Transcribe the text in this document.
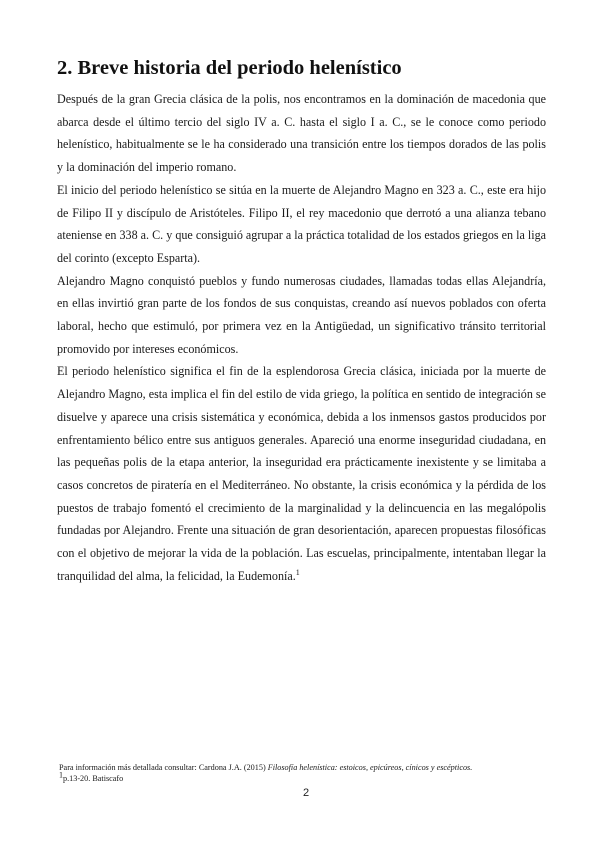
2. Breve historia del periodo helenístico

Después de la gran Grecia clásica de la polis, nos encontramos en la dominación de macedonia que abarca desde el último tercio del siglo IV a. C. hasta el siglo I a. C., se le conoce como periodo helenístico, habitualmente se le ha considerado una transición entre los tiempos dorados de las polis y la dominación del imperio romano.

El inicio del periodo helenístico se sitúa en la muerte de Alejandro Magno en 323 a. C., este era hijo de Filipo II y discípulo de Aristóteles. Filipo II, el rey macedonio que derrotó a una alianza tebano ateniense en 338 a. C. y que consiguió agrupar a la práctica totalidad de los estados griegos en la liga del corinto (excepto Esparta).

Alejandro Magno conquistó pueblos y fundo numerosas ciudades, llamadas todas ellas Alejandría, en ellas invirtió gran parte de los fondos de sus conquistas, creando así nuevos poblados con oferta laboral, hecho que estimuló, por primera vez en la Antigüedad, un significativo tránsito territorial promovido por intereses económicos.

El periodo helenístico significa el fin de la esplendorosa Grecia clásica, iniciada por la muerte de Alejandro Magno, esta implica el fin del estilo de vida griego, la política en sentido de integración se disuelve y aparece una crisis sistemática y económica, debida a los inmensos gastos producidos por enfrentamiento bélico entre sus antiguos generales. Apareció una enorme inseguridad ciudadana, en las pequeñas polis de la etapa anterior, la inseguridad era prácticamente inexistente y se limitaba a casos concretos de piratería en el Mediterráneo. No obstante, la crisis económica y la pérdida de los puestos de trabajo fomentó el crecimiento de la marginalidad y la delincuencia en las megalópolis fundadas por Alejandro. Frente una situación de gran desorientación, aparecen propuestas filosóficas con el objetivo de mejorar la vida de la población. Las escuelas, principalmente, intentaban llegar la tranquilidad del alma, la felicidad, la Eudemonía.$^1$

Para información más detallada consultar: Cardona J.A. (2015) Filosofía helenística: estoicos, epicúreos, cínicos y escépticos.
1p.13-20. Batiscafo
2
